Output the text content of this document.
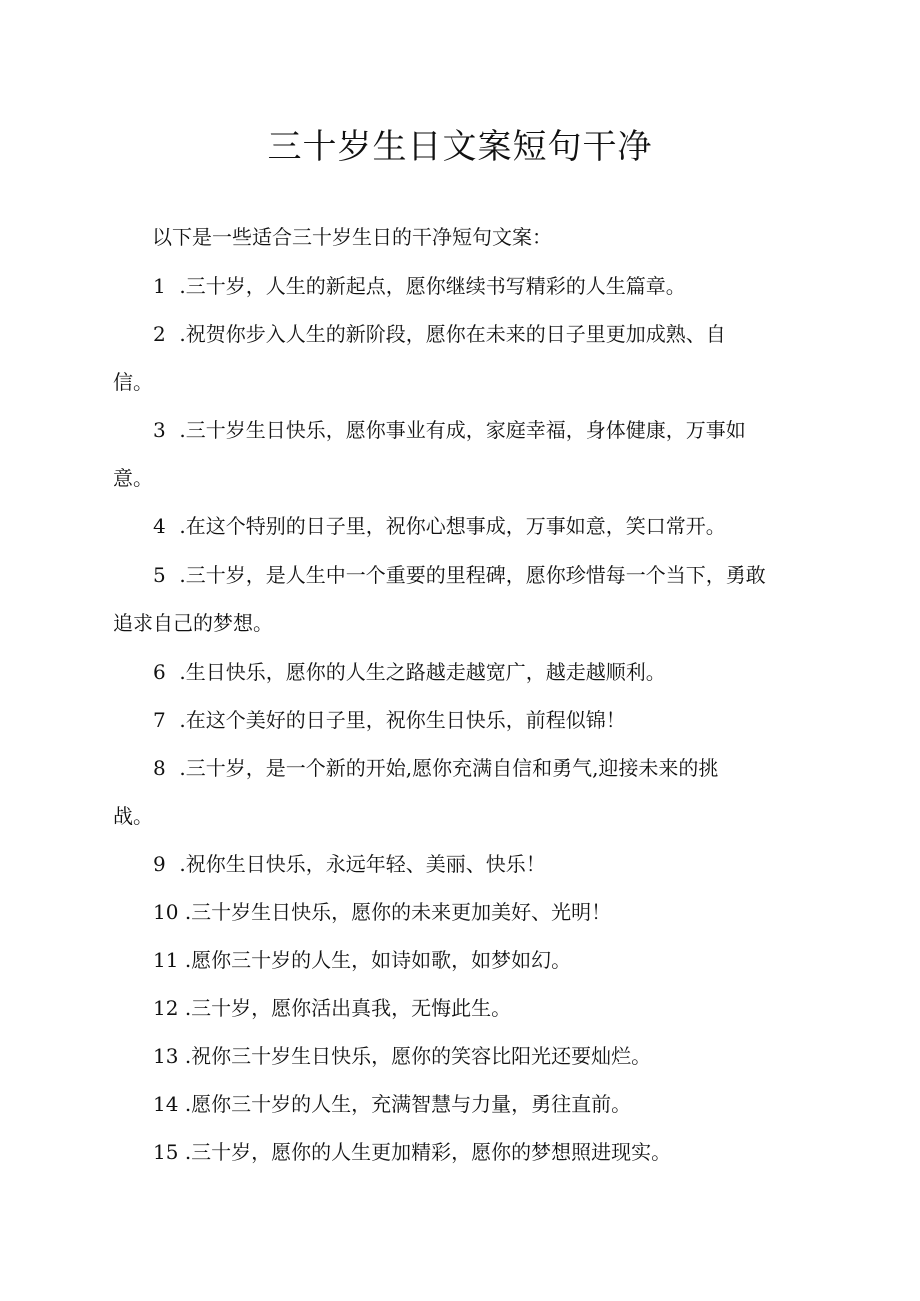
三十岁生日文案短句干净
以下是一些适合三十岁生日的干净短句文案：
1 .三十岁，人生的新起点，愿你继续书写精彩的人生篇章。
2 .祝贺你步入人生的新阶段，愿你在未来的日子里更加成熟、自
信。
3 .三十岁生日快乐，愿你事业有成，家庭幸福，身体健康，万事如
意。
4 .在这个特别的日子里，祝你心想事成，万事如意，笑口常开。
5 .三十岁，是人生中一个重要的里程碑，愿你珍惜每一个当下，勇敢
追求自己的梦想。
6 .生日快乐，愿你的人生之路越走越宽广，越走越顺利。
7 .在这个美好的日子里，祝你生日快乐，前程似锦！
8 .三十岁，是一个新的开始,愿你充满自信和勇气,迎接未来的挑
战。
9 .祝你生日快乐，永远年轻、美丽、快乐！
10 .三十岁生日快乐，愿你的未来更加美好、光明！
11 .愿你三十岁的人生，如诗如歌，如梦如幻。
12 .三十岁，愿你活出真我，无悔此生。
13 .祝你三十岁生日快乐，愿你的笑容比阳光还要灿烂。
14 .愿你三十岁的人生，充满智慧与力量，勇往直前。
15 .三十岁，愿你的人生更加精彩，愿你的梦想照进现实。
